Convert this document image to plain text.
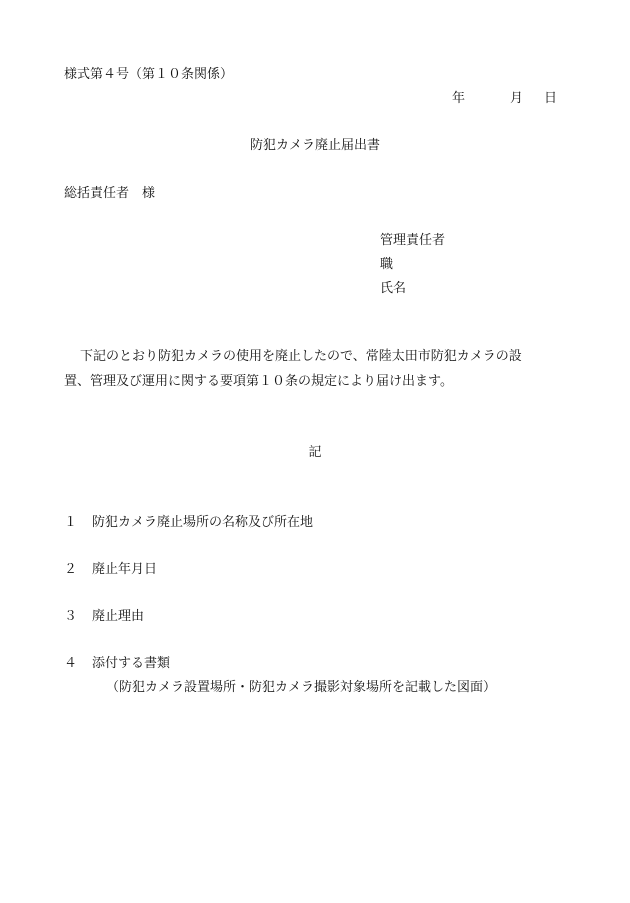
様式第４号（第１０条関係）
年	月 日
防犯カメラ廃止届出書
総括責任者　様
管理責任者
職
氏名
下記のとおり防犯カメラの使用を廃止したので、常陸太田市防犯カメラの設
置、管理及び運用に関する要項第１０条の規定により届け出ます。
記
１ 防犯カメラ廃止場所の名称及び所在地
２ 廃止年月日
３ 廃止理由
４ 添付する書類
（防犯カメラ設置場所・防犯カメラ撮影対象場所を記載した図面）
